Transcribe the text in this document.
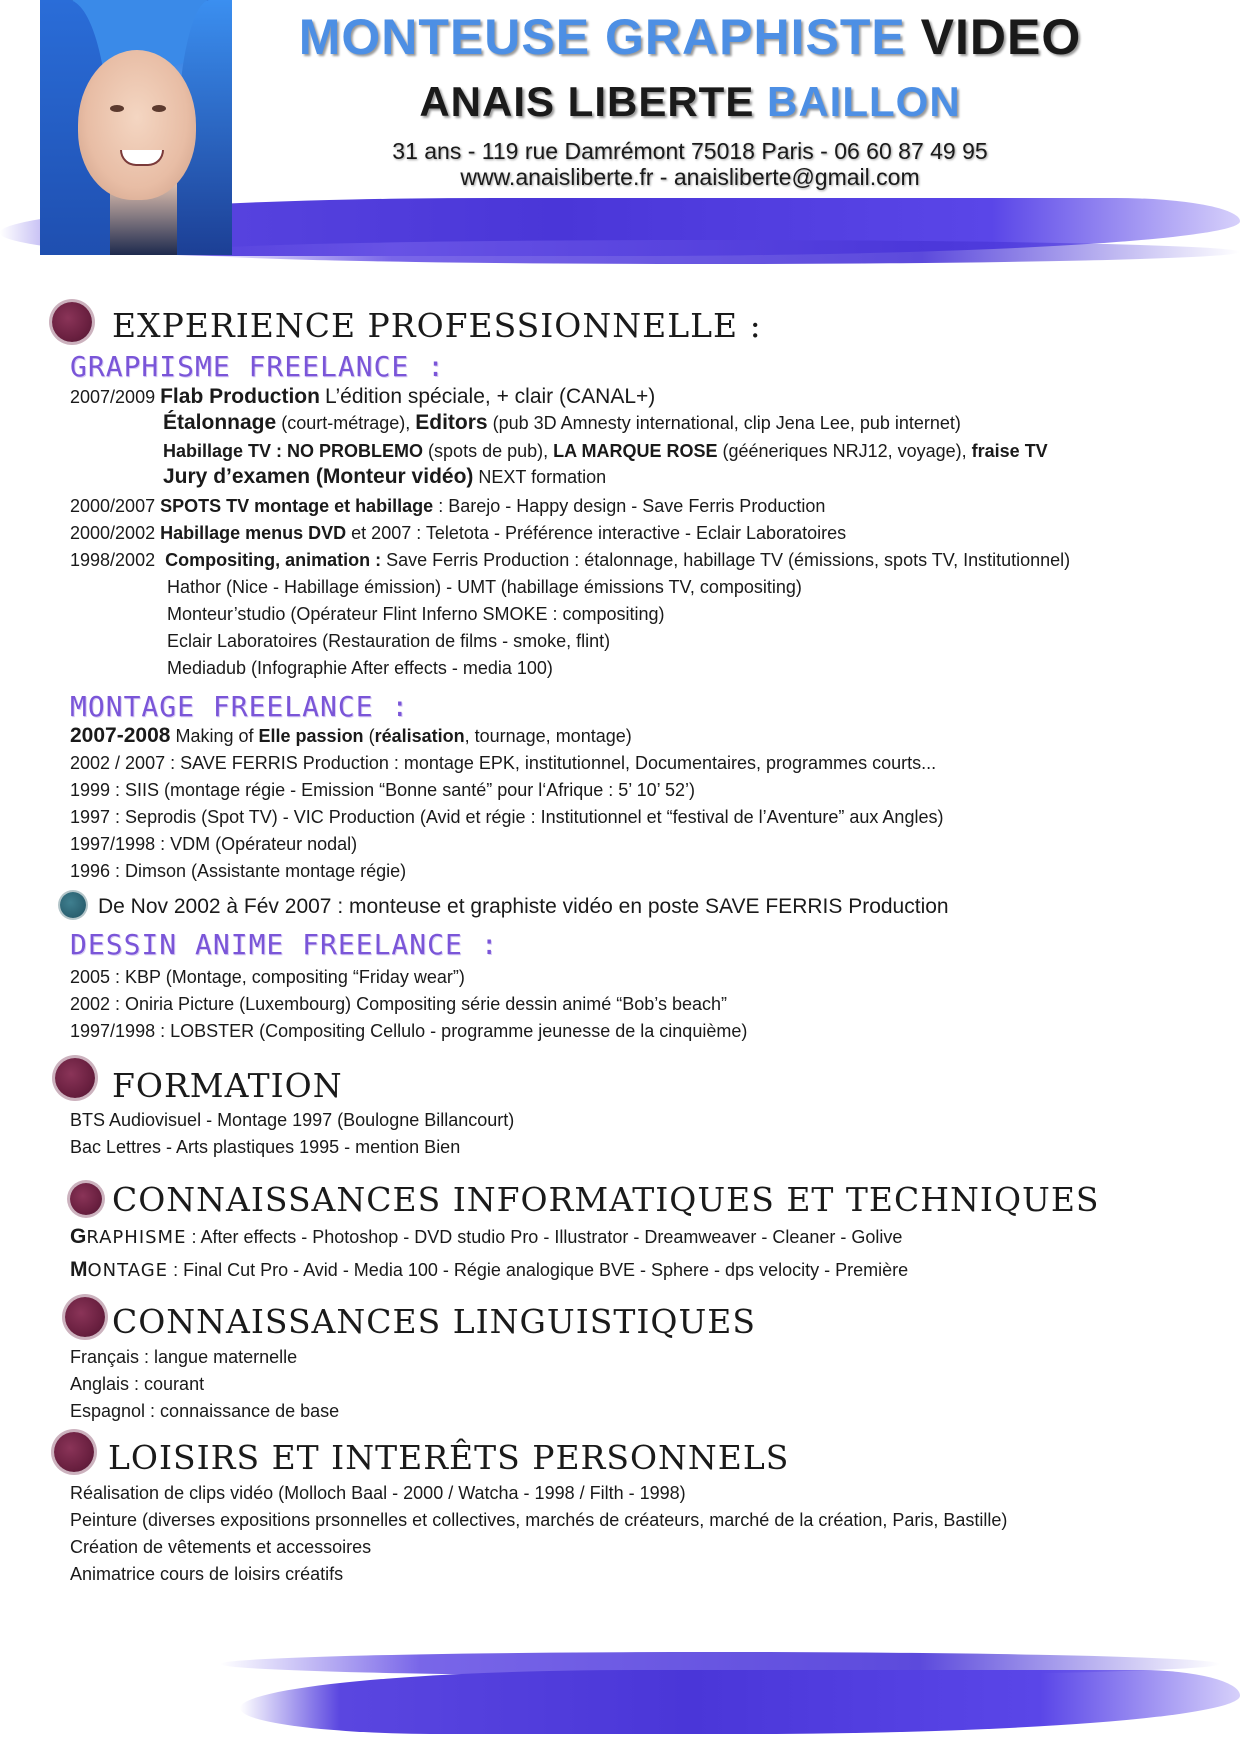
MONTEUSE GRAPHISTE VIDEO
ANAIS LIBERTE BAILLON
31 ans - 119 rue Damrémont 75018 Paris - 06 60 87 49 95
www.anaisliberte.fr - anaisliberte@gmail.com
EXPERIENCE PROFESSIONNELLE :
GRAPHISME FREELANCE :
2007/2009 Flab Production L’édition spéciale, + clair (CANAL+)
Étalonnage (court-métrage), Editors (pub 3D Amnesty international, clip Jena Lee, pub internet)
Habillage TV : NO PROBLEMO (spots de pub), LA MARQUE ROSE (gééneriques NRJ12, voyage), fraise TV
Jury d’examen (Monteur vidéo) NEXT formation
2000/2007 SPOTS TV montage et habillage : Barejo - Happy design - Save Ferris Production
2000/2002 Habillage menus DVD et 2007 : Teletota - Préférence interactive - Eclair Laboratoires
1998/2002 Compositing, animation : Save Ferris Production : étalonnage, habillage TV (émissions, spots TV, Institutionnel)
Hathor (Nice - Habillage émission) - UMT (habillage émissions TV, compositing)
Monteur’studio (Opérateur Flint Inferno SMOKE : compositing)
Eclair Laboratoires (Restauration de films - smoke, flint)
Mediadub (Infographie After effects - media 100)
MONTAGE FREELANCE :
2007-2008 Making of Elle passion (réalisation, tournage, montage)
2002 / 2007 : SAVE FERRIS Production : montage EPK, institutionnel, Documentaires, programmes courts...
1999 : SIIS (montage régie - Emission “Bonne santé” pour l‘Afrique : 5’ 10’ 52’)
1997 : Seprodis (Spot TV) - VIC Production (Avid et régie : Institutionnel et “festival de l’Aventure” aux Angles)
1997/1998 : VDM (Opérateur nodal)
1996 : Dimson (Assistante montage régie)
De Nov 2002 à Fév 2007 : monteuse et graphiste vidéo en poste SAVE FERRIS Production
DESSIN ANIME FREELANCE :
2005 : KBP (Montage, compositing “Friday wear”)
2002 : Oniria Picture (Luxembourg) Compositing série dessin animé “Bob’s beach”
1997/1998 : LOBSTER (Compositing Cellulo - programme jeunesse de la cinquième)
FORMATION
BTS Audiovisuel - Montage 1997 (Boulogne Billancourt)
Bac Lettres - Arts plastiques 1995 - mention Bien
CONNAISSANCES INFORMATIQUES ET TECHNIQUES
GRAPHISME : After effects - Photoshop - DVD studio Pro - Illustrator - Dreamweaver - Cleaner - Golive
MONTAGE : Final Cut Pro - Avid - Media 100 - Régie analogique BVE - Sphere - dps velocity - Première
CONNAISSANCES LINGUISTIQUES
Français : langue maternelle
Anglais : courant
Espagnol : connaissance de base
LOISIRS ET INTERÊTS PERSONNELS
Réalisation de clips vidéo (Molloch Baal - 2000 / Watcha - 1998 / Filth - 1998)
Peinture (diverses expositions prsonnelles et collectives, marchés de créateurs, marché de la création, Paris, Bastille)
Création de vêtements et accessoires
Animatrice cours de loisirs créatifs
